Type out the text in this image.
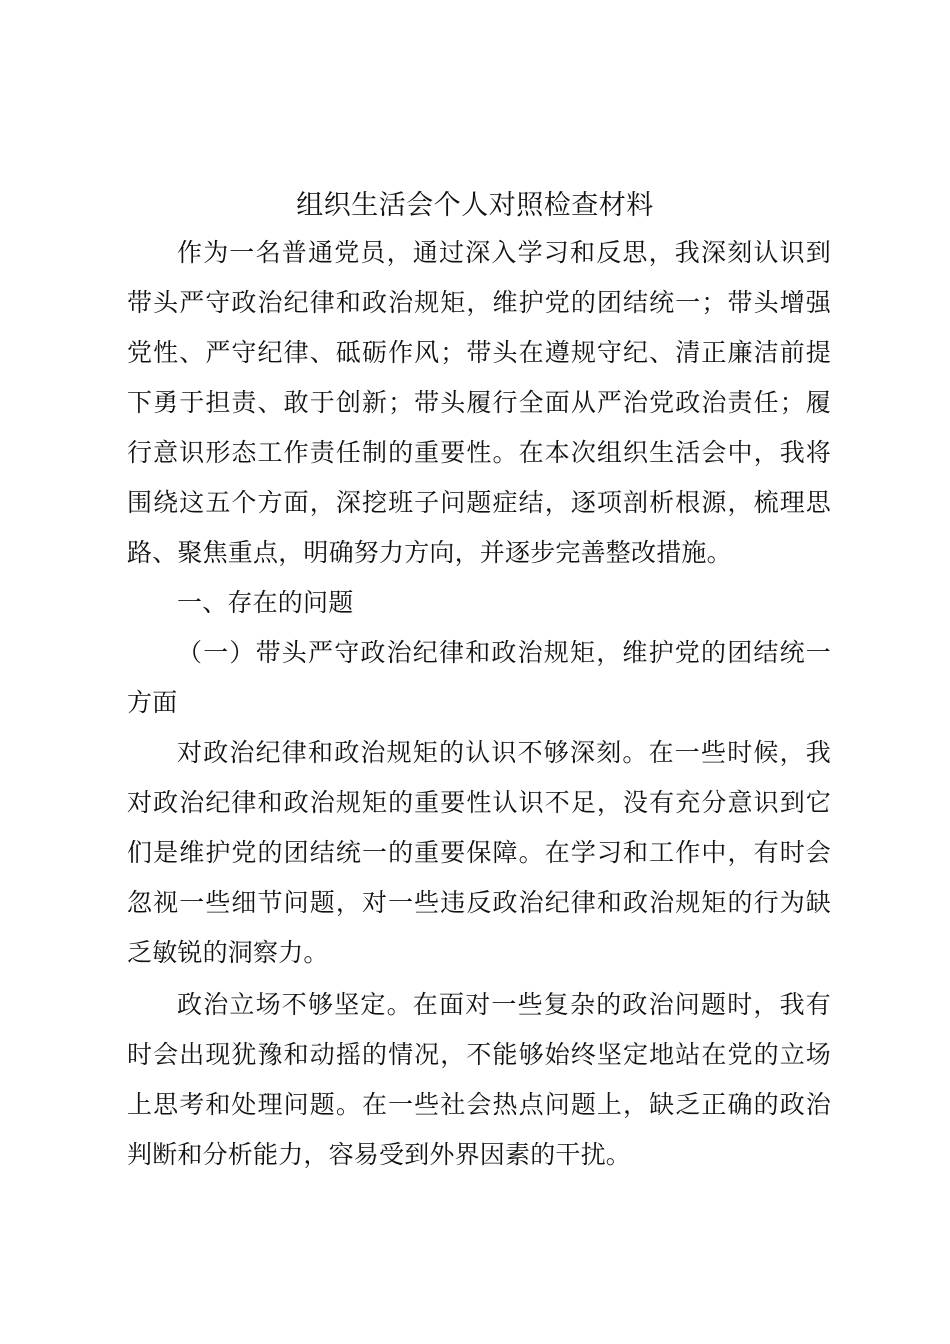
组织生活会个人对照检查材料

作为一名普通党员，通过深入学习和反思，我深刻认识到带头严守政治纪律和政治规矩，维护党的团结统一；带头增强党性、严守纪律、砥砺作风；带头在遵规守纪、清正廉洁前提下勇于担责、敢于创新；带头履行全面从严治党政治责任；履行意识形态工作责任制的重要性。在本次组织生活会中，我将围绕这五个方面，深挖班子问题症结，逐项剖析根源，梳理思路、聚焦重点，明确努力方向，并逐步完善整改措施。

一、存在的问题

（一）带头严守政治纪律和政治规矩，维护党的团结统一方面

对政治纪律和政治规矩的认识不够深刻。在一些时候，我对政治纪律和政治规矩的重要性认识不足，没有充分意识到它们是维护党的团结统一的重要保障。在学习和工作中，有时会忽视一些细节问题，对一些违反政治纪律和政治规矩的行为缺乏敏锐的洞察力。

政治立场不够坚定。在面对一些复杂的政治问题时，我有时会出现犹豫和动摇的情况，不能够始终坚定地站在党的立场上思考和处理问题。在一些社会热点问题上，缺乏正确的政治判断和分析能力，容易受到外界因素的干扰。
